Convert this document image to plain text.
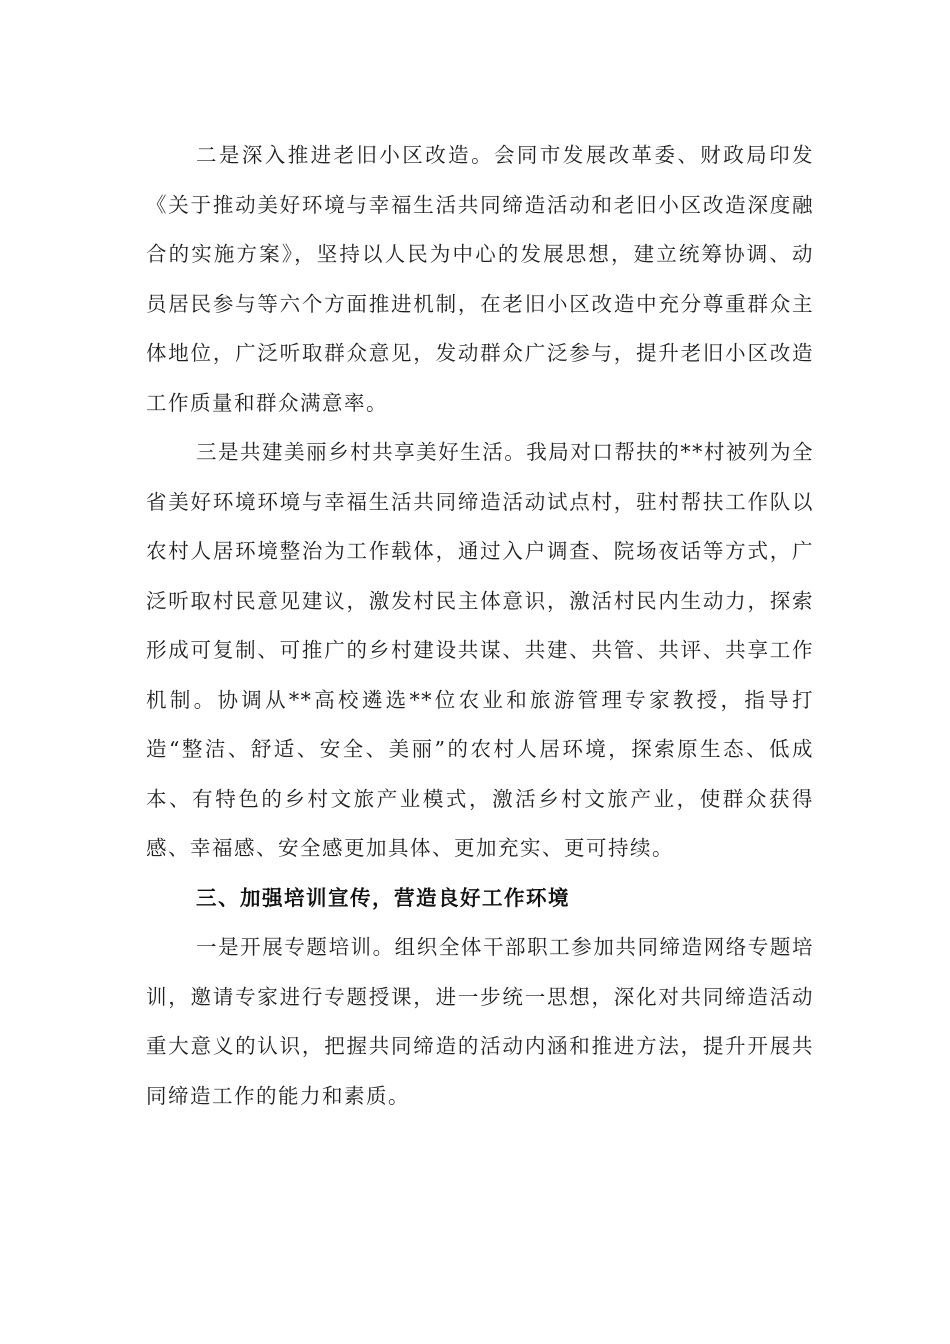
二是深入推进老旧小区改造。会同市发展改革委、财政局印发《关于推动美好环境与幸福生活共同缔造活动和老旧小区改造深度融合的实施方案》，坚持以人民为中心的发展思想，建立统筹协调、动员居民参与等六个方面推进机制，在老旧小区改造中充分尊重群众主体地位，广泛听取群众意见，发动群众广泛参与，提升老旧小区改造工作质量和群众满意率。

三是共建美丽乡村共享美好生活。我局对口帮扶的**村被列为全省美好环境环境与幸福生活共同缔造活动试点村，驻村帮扶工作队以农村人居环境整治为工作载体，通过入户调查、院场夜话等方式，广泛听取村民意见建议，激发村民主体意识，激活村民内生动力，探索形成可复制、可推广的乡村建设共谋、共建、共管、共评、共享工作机制。协调从**高校遴选**位农业和旅游管理专家教授，指导打造“整洁、舒适、安全、美丽”的农村人居环境，探索原生态、低成本、有特色的乡村文旅产业模式，激活乡村文旅产业，使群众获得感、幸福感、安全感更加具体、更加充实、更可持续。

三、加强培训宣传，营造良好工作环境

一是开展专题培训。组织全体干部职工参加共同缔造网络专题培训，邀请专家进行专题授课，进一步统一思想，深化对共同缔造活动重大意义的认识，把握共同缔造的活动内涵和推进方法，提升开展共同缔造工作的能力和素质。
